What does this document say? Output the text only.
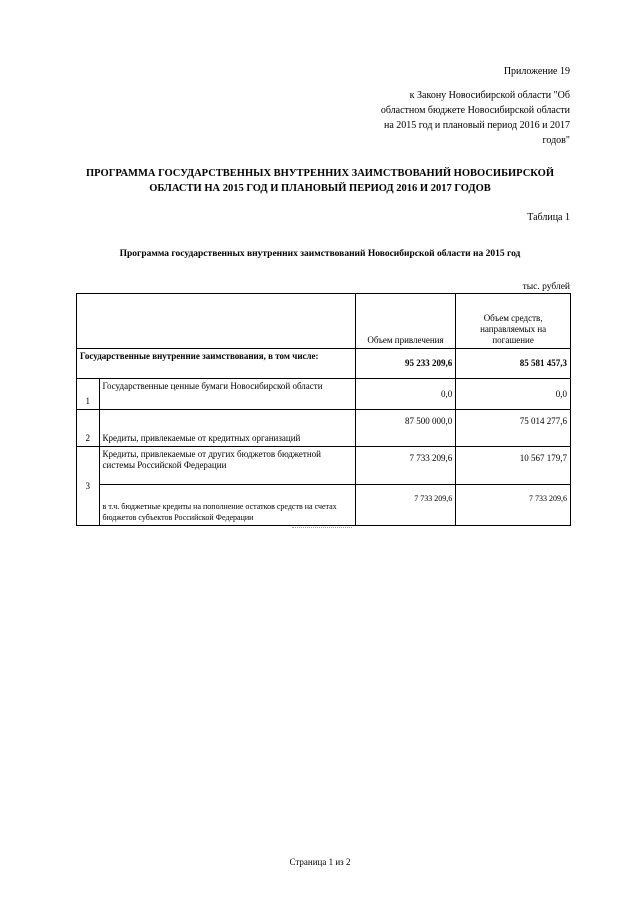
Приложение 19
к Закону Новосибирской области "Об
областном бюджете Новосибирской области
на 2015 год и плановый период 2016 и 2017
годов"
ПРОГРАММА ГОСУДАРСТВЕННЫХ ВНУТРЕННИХ ЗАИМСТВОВАНИЙ НОВОСИБИРСКОЙ
ОБЛАСТИ НА 2015 ГОД И ПЛАНОВЫЙ ПЕРИОД 2016 И 2017 ГОДОВ
Таблица 1
Программа государственных внутренних заимствований Новосибирской области на 2015 год
тыс. рублей
		Объем привлечения	Объем средств, направляемых на погашение
Государственные внутренние заимствования, в том числе:		95 233 209,6	85 581 457,3
1	Государственные ценные бумаги Новосибирской области	0,0	0,0
2	Кредиты, привлекаемые от кредитных организаций	87 500 000,0	75 014 277,6
3	Кредиты, привлекаемые от других бюджетов бюджетной системы Российской Федерации	7 733 209,6	10 567 179,7
	в т.ч. бюджетные кредиты на пополнение остатков средств на счетах бюджетов субъектов Российской Федерации	7 733 209,6	7 733 209,6
Страница 1 из 2
